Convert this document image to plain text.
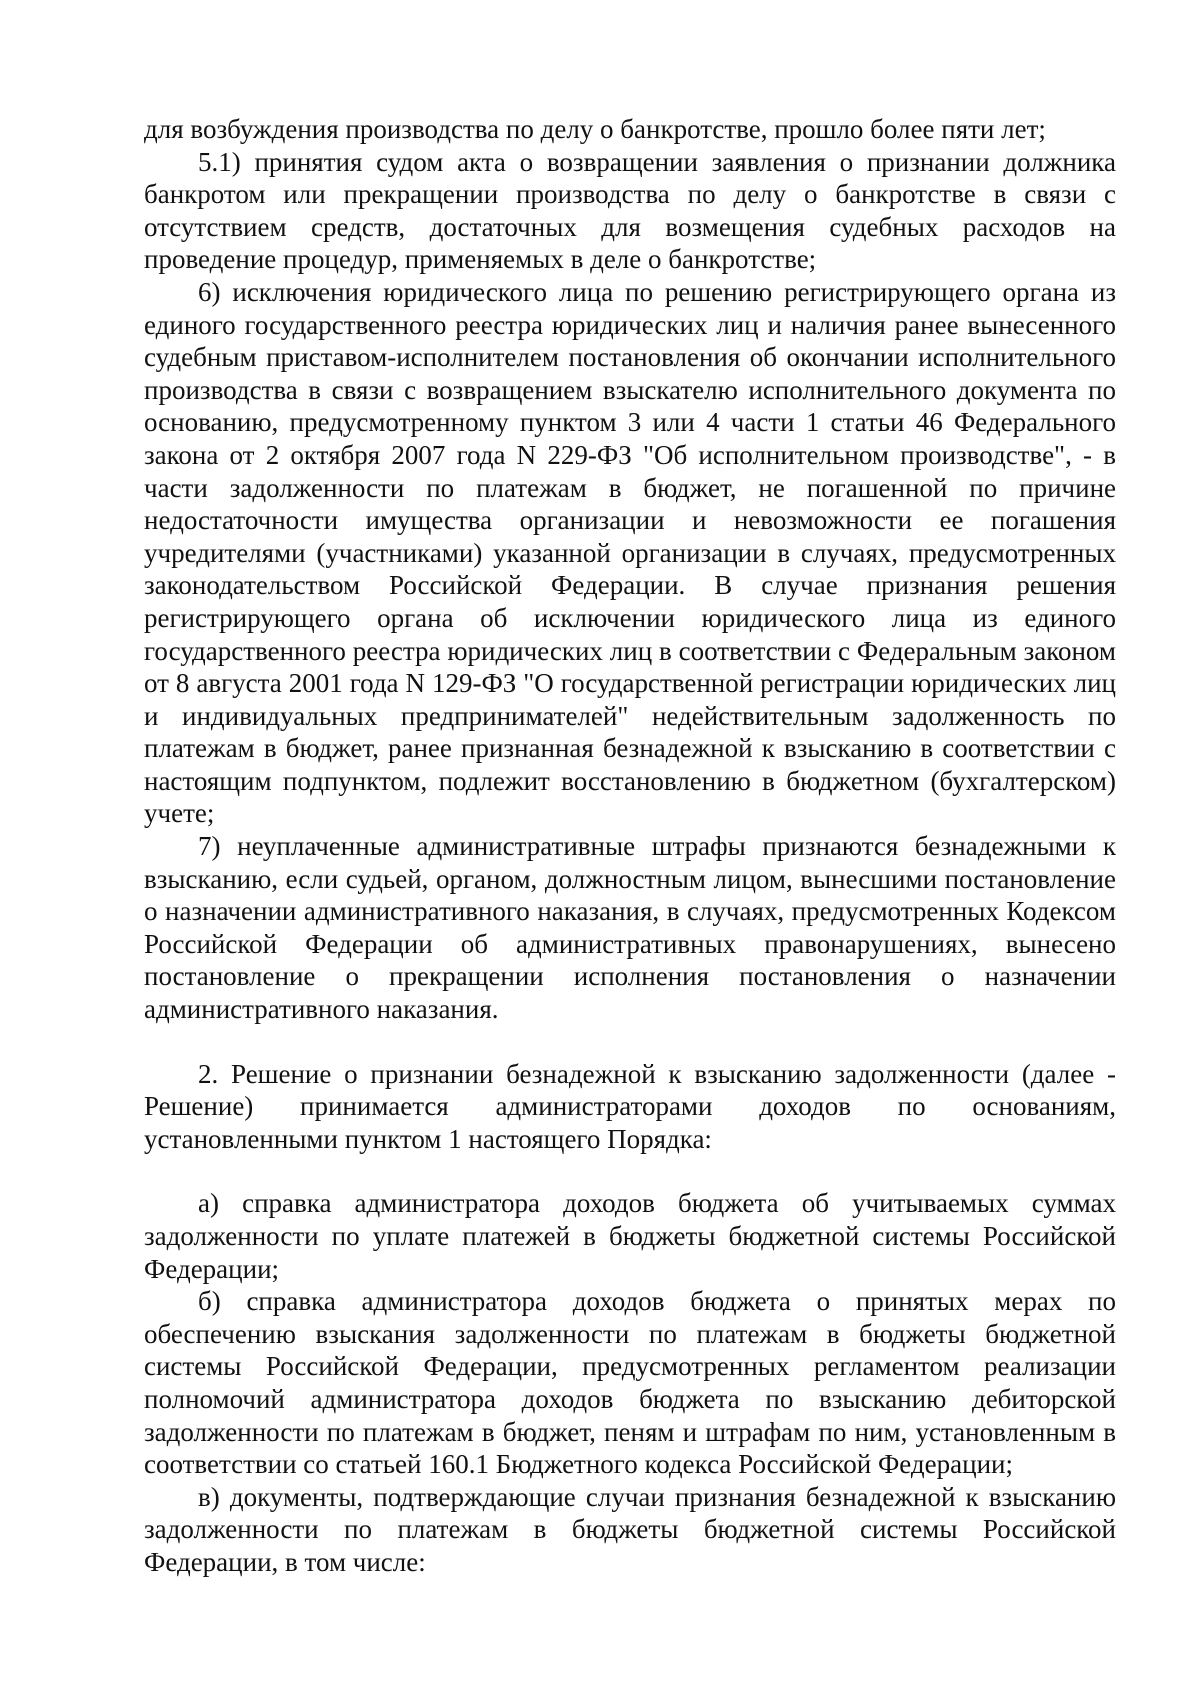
для возбуждения производства по делу о банкротстве, прошло более пяти лет;

5.1) принятия судом акта о возвращении заявления о признании должника банкротом или прекращении производства по делу о банкротстве в связи с отсутствием средств, достаточных для возмещения судебных расходов на проведение процедур, применяемых в деле о банкротстве;

6) исключения юридического лица по решению регистрирующего органа из единого государственного реестра юридических лиц и наличия ранее вынесенного судебным приставом-исполнителем постановления об окончании исполнительного производства в связи с возвращением взыскателю исполнительного документа по основанию, предусмотренному пунктом 3 или 4 части 1 статьи 46 Федерального закона от 2 октября 2007 года N 229-ФЗ "Об исполнительном производстве", - в части задолженности по платежам в бюджет, не погашенной по причине недостаточности имущества организации и невозможности ее погашения учредителями (участниками) указанной организации в случаях, предусмотренных законодательством Российской Федерации. В случае признания решения регистрирующего органа об исключении юридического лица из единого государственного реестра юридических лиц в соответствии с Федеральным законом от 8 августа 2001 года N 129-ФЗ "О государственной регистрации юридических лиц и индивидуальных предпринимателей" недействительным задолженность по платежам в бюджет, ранее признанная безнадежной к взысканию в соответствии с настоящим подпунктом, подлежит восстановлению в бюджетном (бухгалтерском) учете;

7) неуплаченные административные штрафы признаются безнадежными к взысканию, если судьей, органом, должностным лицом, вынесшими постановление о назначении административного наказания, в случаях, предусмотренных Кодексом Российской Федерации об административных правонарушениях, вынесено постановление о прекращении исполнения постановления о назначении административного наказания.

2. Решение о признании безнадежной к взысканию задолженности (далее - Решение) принимается администраторами доходов по основаниям, установленными пунктом 1 настоящего Порядка:

а) справка администратора доходов бюджета об учитываемых суммах задолженности по уплате платежей в бюджеты бюджетной системы Российской Федерации;

б) справка администратора доходов бюджета о принятых мерах по обеспечению взыскания задолженности по платежам в бюджеты бюджетной системы Российской Федерации, предусмотренных регламентом реализации полномочий администратора доходов бюджета по взысканию дебиторской задолженности по платежам в бюджет, пеням и штрафам по ним, установленным в соответствии со статьей 160.1 Бюджетного кодекса Российской Федерации;

в) документы, подтверждающие случаи признания безнадежной к взысканию задолженности по платежам в бюджеты бюджетной системы Российской Федерации, в том числе:
